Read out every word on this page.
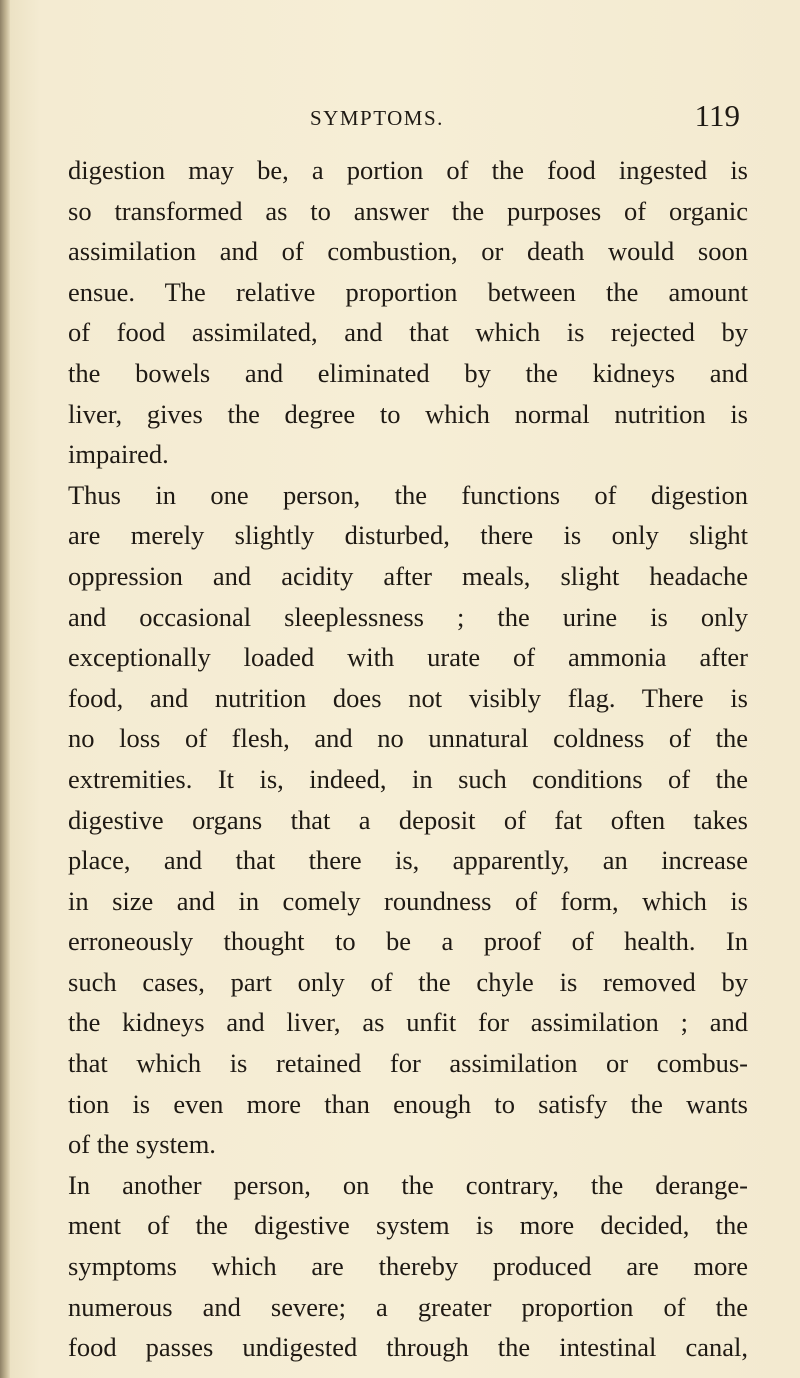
SYMPTOMS.	119
digestion may be, a portion of the food ingested is
so transformed as to answer the purposes of organic
assimilation and of combustion, or death would soon
ensue. The relative proportion between the amount
of food assimilated, and that which is rejected by
the bowels and eliminated by the kidneys and
liver, gives the degree to which normal nutrition is
impaired.
Thus in one person, the functions of digestion
are merely slightly disturbed, there is only slight
oppression and acidity after meals, slight headache
and occasional sleeplessness ; the urine is only
exceptionally loaded with urate of ammonia after
food, and nutrition does not visibly flag. There is
no loss of flesh, and no unnatural coldness of the
extremities. It is, indeed, in such conditions of the
digestive organs that a deposit of fat often takes
place, and that there is, apparently, an increase
in size and in comely roundness of form, which is
erroneously thought to be a proof of health. In
such cases, part only of the chyle is removed by
the kidneys and liver, as unfit for assimilation ; and
that which is retained for assimilation or combus-
tion is even more than enough to satisfy the wants
of the system.
In another person, on the contrary, the derange-
ment of the digestive system is more decided, the
symptoms which are thereby produced are more
numerous and severe; a greater proportion of the
food passes undigested through the intestinal canal,
